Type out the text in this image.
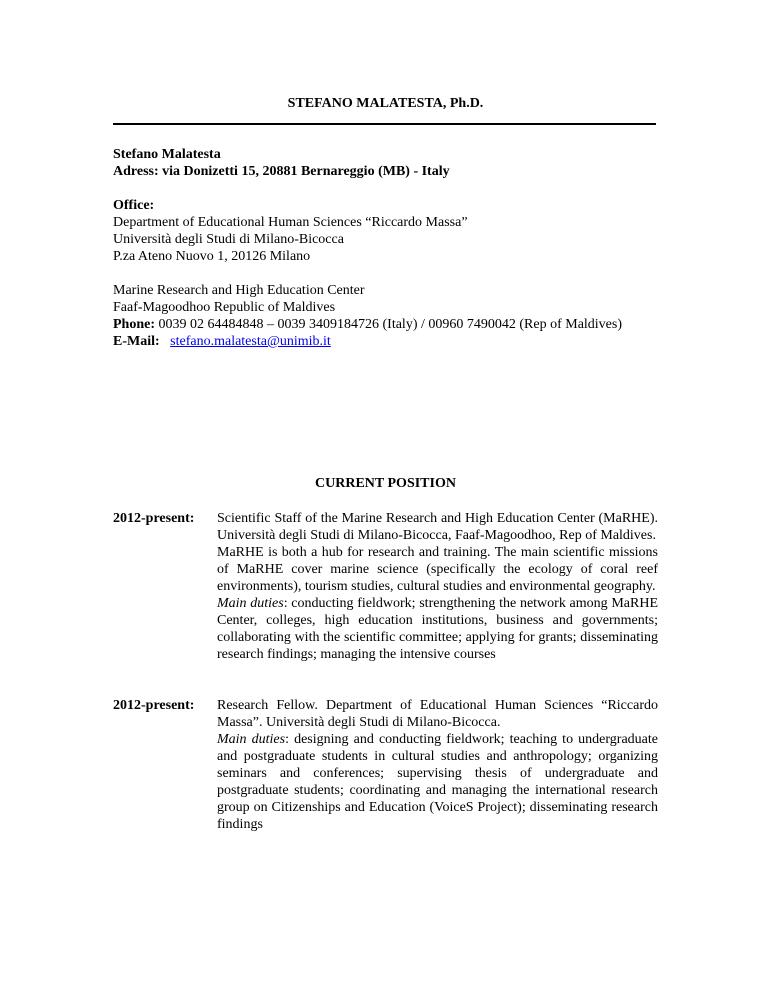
STEFANO MALATESTA, Ph.D.
Stefano Malatesta
Adress: via Donizetti 15, 20881 Bernareggio (MB) - Italy
Office:
Department of Educational Human Sciences “Riccardo Massa”
Università degli Studi di Milano-Bicocca
P.za Ateno Nuovo 1, 20126 Milano
Marine Research and High Education Center
Faaf-Magoodhoo Republic of Maldives
Phone: 0039 02 64484848 – 0039 3409184726 (Italy) / 00960 7490042 (Rep of Maldives)
E-Mail: stefano.malatesta@unimib.it
CURRENT POSITION
2012-present: Scientific Staff of the Marine Research and High Education Center (MaRHE). Università degli Studi di Milano-Bicocca, Faaf-Magoodhoo, Rep of Maldives.

MaRHE is both a hub for research and training. The main scientific missions of MaRHE cover marine science (specifically the ecology of coral reef environments), tourism studies, cultural studies and environmental geography.

Main duties: conducting fieldwork; strengthening the network among MaRHE Center, colleges, high education institutions, business and governments; collaborating with the scientific committee; applying for grants; disseminating research findings; managing the intensive courses

2012-present: Research Fellow. Department of Educational Human Sciences “Riccardo Massa”. Università degli Studi di Milano-Bicocca.

Main duties: designing and conducting fieldwork; teaching to undergraduate and postgraduate students in cultural studies and anthropology; organizing seminars and conferences; supervising thesis of undergraduate and postgraduate students; coordinating and managing the international research group on Citizenships and Education (VoiceS Project); disseminating research findings
